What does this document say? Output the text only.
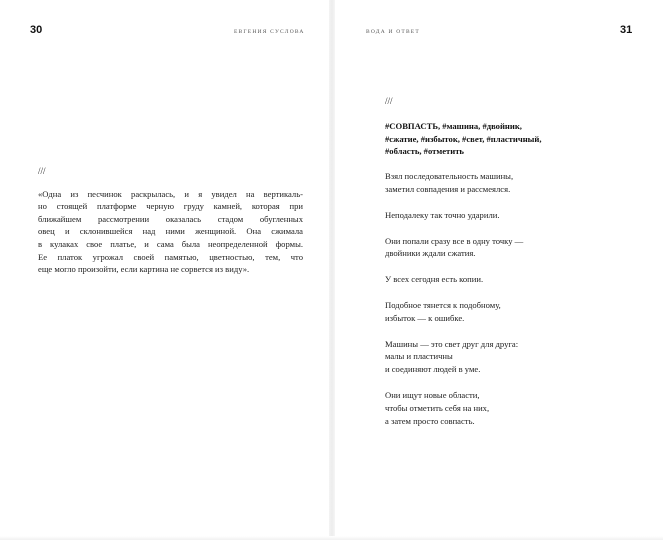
30	ЕВГЕНИЯ СУСЛОВА
///

«Одна из песчинок раскрылась, и я увидел на вертикаль-
но стоящей платформе черную груду камней, которая при
ближайшем рассмотрении оказалась стадом обугленных
овец и склонившейся над ними женщиной. Она сжимала
в кулаках свое платье, и сама была неопределенной формы.
Ее платок угрожал своей памятью, цветностью, тем, что
еще могло произойти, если картина не сорвется из виду».

ВОДА И ОТВЕТ	31
///
#СОВПАСТЬ, #машина, #двойник,
#сжатие, #избыток, #свет, #пластичный,
#область, #отметить
Взял последовательность машины,
заметил совпадения и рассмеялся.
Неподалеку так точно ударили.
Они попали сразу все в одну точку —
двойники ждали сжатия.
У всех сегодня есть копии.
Подобное тянется к подобному,
избыток — к ошибке.
Машины — это свет друг для друга:
малы и пластичны
и соединяют людей в уме.
Они ищут новые области,
чтобы отметить себя на них,
а затем просто совпасть.
